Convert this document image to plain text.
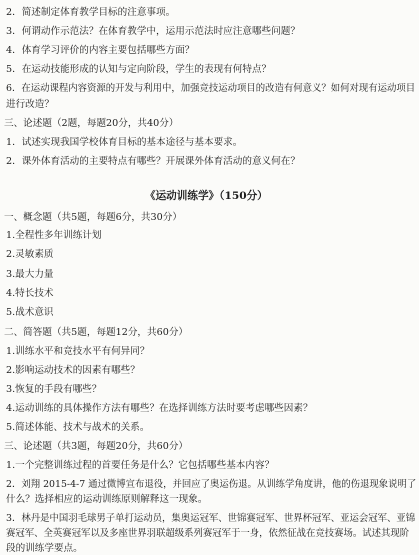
2．简述制定体育教学目标的注意事项。
3．何谓动作示范法？在体育教学中，运用示范法时应注意哪些问题？
4．体育学习评价的内容主要包括哪些方面？
5．在运动技能形成的认知与定向阶段，学生的表现有何特点？
6．在运动课程内容资源的开发与利用中，加强竞技运动项目的改造有何意义？如何对现有运动项目
进行改造？
三、论述题（2题，每题20分，共40分）
1．试述实现我国学校体育目标的基本途径与基本要求。
2．课外体育活动的主要特点有哪些？开展课外体育活动的意义何在？
《运动训练学》（150分）
一、概念题（共5题，每题6分，共30分）
1.全程性多年训练计划
2.灵敏素质
3.最大力量
4.特长技术
5.战术意识
二、简答题（共5题，每题12分，共60分）
1.训练水平和竞技水平有何异同？
2.影响运动技术的因素有哪些？
3.恢复的手段有哪些？
4.运动训练的具体操作方法有哪些？在选择训练方法时要考虑哪些因素？
5.简述体能、技术与战术的关系。
三、论述题（共3题，每题20分，共60分）
1.一个完整训练过程的首要任务是什么？它包括哪些基本内容？
2．刘翔 2015-4-7 通过微博宣布退役，并回应了奥运伤退。从训练学角度讲，他的伤退现象说明了
什么？选择相应的运动训练原则解释这一现象。
3．林丹是中国羽毛球男子单打运动员，集奥运冠军、世锦赛冠军、世界杯冠军、亚运会冠军、亚锦
赛冠军、全英赛冠军以及多座世界羽联超级系列赛冠军于一身，依然征战在竞技赛场。试述其现阶
段的训练学要点。
